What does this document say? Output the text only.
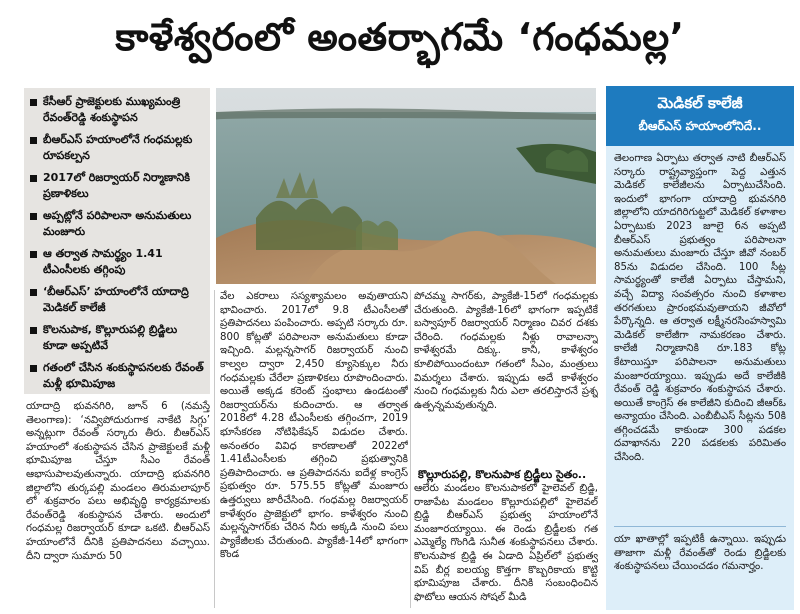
కాళేశ్వరంలో అంతర్భాగమే ‘గంధమల్ల’
కేసీఆర్ ప్రాజెక్టులకు ముఖ్యమంత్రి రేవంత్‌రెడ్డి శంకుస్థాపన
బీఆర్ఎస్ హయాంలోనే గంధమల్లకు రూపకల్పన
2017లో రిజర్వాయర్ నిర్మాణానికి ప్రణాళికలు
అప్పట్లోనే పరిపాలనా అనుమతులు మంజూరు
ఆ తర్వాత సామర్థ్యం 1.41 టీఎంసీలకు తగ్గింపు
‘బీఆర్ఎస్’ హయాంలోనే యాదాద్రి మెడికల్ కాలేజీ
కొలనుపాక, కొల్లూరుపల్లి బ్రిడ్జిలు కూడా అప్పటివే
గతంలో చేసిన శంకుస్థాపనలకు రేవంత్ మళ్లీ భూమిపూజ

యాదాద్రి భువనగిరి, జూన్ 6 (నమస్తే తెలంగాణ): ‘నవ్విపోదురుగాక నాకేటి సిగ్గు’ అన్నట్లుగా రేవంత్ సర్కారు తీరు. బీఆర్ఎస్ హయాంలో శంకుస్థాపన చేసిన ప్రాజెక్టులకే మళ్లీ భూమిపూజ చేస్తూ సీఎం రేవంత్ ఆభాసుపాలవుతున్నారు. యాదాద్రి భువనగిరి జిల్లాలోని తుర్కపల్లి మండలం తిరుమలాపూర్ లో శుక్రవారం పలు అభివృద్ధి కార్యక్రమాలకు రేవంత్‌రెడ్డి శంకుస్థాపన చేశారు. అందులో గంధమల్ల రిజర్వాయర్ కూడా ఒకటి. బీఆర్ఎస్ హయాంలోనే దీనికి ప్రతిపాదనలు వచ్చాయి. దీని ద్వారా సుమారు 50

వేల ఎకరాలు సస్యశ్యామలం అవుతాయని భావించారు. 2017లో 9.8 టీఎంసీలతో ప్రతిపాదనలు పంపించారు. అప్పటి సర్కారు రూ. 800 కోట్లతో పరిపాలనా అనుమతులు కూడా ఇచ్చింది. మల్లన్నసాగర్ రిజర్వాయర్ నుంచి కాల్వల ద్వారా 2,450 క్యూసెక్కుల నీరు గంధమల్లకు చేరేలా ప్రణాళికలు రూపొందించారు. అయితే అక్కడ కరెంట్ స్తంభాలు ఉండటంతో రిజర్వాయర్‌ను కుదించారు. ఆ తర్వాత 2018లో 4.28 టీఎంసీలకు తగ్గించగా, 2019 భూసేకరణ నోటిఫికేషన్ విడుదల చేశారు. అనంతరం వివిధ కారణాలతో 2022లో 1.41టీఎంసీలకు తగ్గించి ప్రభుత్వానికి ప్రతిపాదించారు. ఆ ప్రతిపాదనను ఐదేళ్ల కాంగ్రెస్ ప్రభుత్వం రూ. 575.55 కోట్లతో మంజూరు ఉత్తర్వులు జారీచేసింది. గంధమల్ల రిజర్వాయర్ కాళేశ్వరం ప్రాజెక్టులో భాగం. కాళేశ్వరం నుంచి మల్లన్నసాగర్‌కు చేరిన నీరు అక్కడి నుంచి పలు ప్యాకేజీలకు చేరుతుంది. ప్యాకేజీ-14లో భాగంగా కొండ

పోచమ్మ సాగర్‌కు, ప్యాకేజీ-15లో గంధమల్లకు చేరుతుంది. ప్యాకేజీ-16లో భాగంగా ఇప్పటికే బస్వాపూర్ రిజర్వాయర్ నిర్మాణం చివర దశకు చేరింది. గంధమల్లకు నీళ్లు రావాలన్నా కాళేశ్వరమే దిక్కు. కానీ, కాళేశ్వరం కూలిపోయిందంటూ గతంలో సీఎం, మంత్రులు విమర్శలు చేశారు. ఇప్పుడు అదే కాళేశ్వరం నుంచి గంధమల్లకు నీరు ఎలా తరలిస్తారనే ప్రశ్న ఉత్పన్నమవుతున్నది.

కొల్లూరుపల్లి, కొలనుపాక బ్రిడ్జీలు సైతం..

ఆలేరు మండలం కొలనుపాకలో హైలెవల్ బ్రిడ్జి, రాజాపేట మండలం కొల్లూరుపల్లిలో హైలెవల్ బ్రిడ్జి బీఆర్ఎస్ ప్రభుత్వ హయాంలోనే మంజూరయ్యాయి. ఈ రెండు బ్రిడ్జీలకు గత ఎమ్మెల్యే గొంగిడి సునీత శంకుస్థాపనలు చేశారు. కొలనుపాక బ్రిడ్జి ఈ ఏడాది ఏప్రిల్‌లో ప్రభుత్వ విప్ బీర్ల ఐలయ్య కొత్తగా కొబ్బరికాయ కొట్టి భూమిపూజ చేశారు. దీనికి సంబంధించిన ఫొటోలు ఆయన సోషల్ మీడి

మెడికల్ కాలేజీ
బీఆర్ఎస్ హయాంలోనిదే..

తెలంగాణ ఏర్పాటు తర్వాత నాటి బీఆర్ఎస్ సర్కారు రాష్ట్రవ్యాప్తంగా పెద్ద ఎత్తున మెడికల్ కాలేజీలను ఏర్పాటుచేసింది. ఇందులో భాగంగా యాదాద్రి భువనగిరి జిల్లాలోని యాదగిరిగుట్టలో మెడికల్ కళాశాల ఏర్పాటుకు 2023 జూలై 6న అప్పటి బీఆర్ఎస్ ప్రభుత్వం పరిపాలనా అనుమతులు మంజూరు చేస్తూ జీవో నంబర్ 85ను విడుదల చేసింది. 100 సీట్ల సామర్థ్యంతో కాలేజీ ఏర్పాటు చేస్తామని, వచ్చే విద్యా సంవత్సరం నుంచి కళాశాల తరగతులు ప్రారంభమవుతాయని జీవోలో పేర్కొన్నది. ఆ తర్వాత లక్ష్మీనరసింహస్వామి మెడికల్ కాలేజీగా నామకరణం చేశారు. కాలేజీ నిర్మాణానికి రూ.183 కోట్ల కేటాయిస్తూ పరిపాలనా అనుమతులు మంజూరయ్యాయి. ఇప్పుడు అదే కాలేజీకి రేవంత్ రెడ్డి శుక్రవారం శంకుస్థాపన చేశారు. అయితే కాంగ్రెస్ ఈ కాలేజీని కుదించి జీఆర్ఓ అన్యాయం చేసింది. ఎంబీబీఎస్ సీట్లను 50కి తగ్గించడమే కాకుండా 300 పడకల దవాఖానను 220 పడకలకు పరిమితం చేసింది.

యా ఖాతాల్లో ఇప్పటికీ ఉన్నాయి. ఇప్పుడు తాజాగా మళ్లీ రేవంత్‌తో రెండు బ్రిడ్జిలకు శంకుస్థాపనలు చేయించడం గమనార్హం.
